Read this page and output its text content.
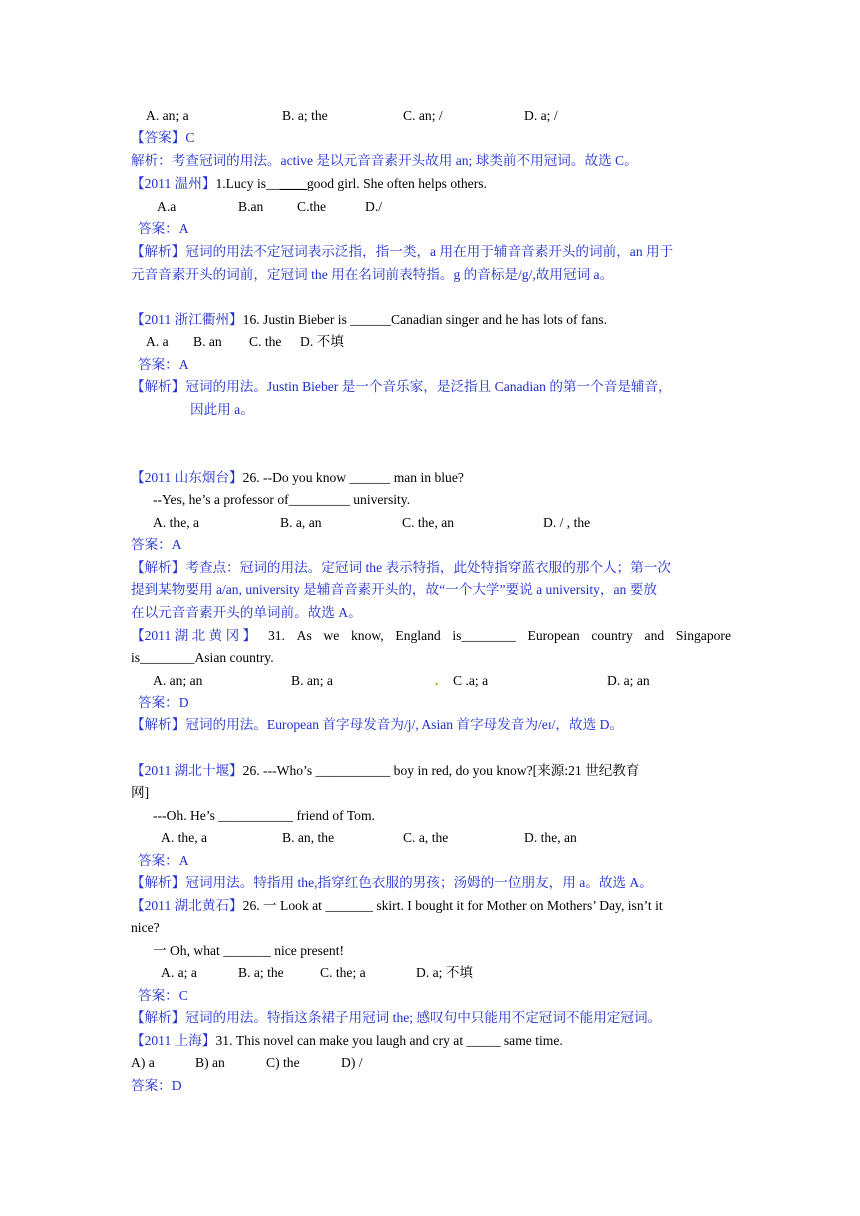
A. an; a	B. a; the	C. an; /	D. a; /
【答案】C
解析：考查冠词的用法。active 是以元音音素开头故用 an; 球类前不用冠词。故选 C。
【2011 温州】1.Lucy is______good girl. She often helps others.
A.a	B.an C.the	D./
答案：A
【解析】冠词的用法不定冠词表示泛指，指一类，a 用在用于辅音音素开头的词前，an 用于
元音音素开头的词前，定冠词 the 用在名词前表特指。g 的音标是/g/,故用冠词 a。
【2011 浙江衢州】16. Justin Bieber is ______Canadian singer and he has lots of fans.
A. a B. an C. the D. 不填
答案：A
【解析】冠词的用法。Justin Bieber 是一个音乐家，是泛指且 Canadian 的第一个音是辅音，
因此用 a。
【2011 山东烟台】26. --Do you know ______ man in blue?
--Yes, he’s a professor of_________ university.
A. the, a	B. a, an	C. the, an	D. / , the
答案：A
【解析】考查点：冠词的用法。定冠词 the 表示特指，此处特指穿蓝衣服的那个人；第一次
提到某物要用 a/an, university 是辅音音素开头的，故“一个大学”要说 a university，an 要放
在以元音音素开头的单词前。故选 A。
【2011 湖 北 黄 冈 】 31. As we know, England is________ European country and Singapore
is________Asian country.
A. an; an	B. an; a	. C .a; a	D. a; an
答案：D
【解析】冠词的用法。European 首字母发音为/j/, Asian 首字母发音为/eɪ/，故选 D。
【2011 湖北十堰】26. ---Who’s ___________ boy in red, do you know?[来源:21 世纪教育
网]
---Oh. He’s ___________ friend of Tom.
A. the, a	B. an, the	C. a, the	D. the, an
答案：A
【解析】冠词用法。特指用 the,指穿红色衣服的男孩；汤姆的一位朋友，用 a。故选 A。
【2011 湖北黄石】26. 一 Look at _______ skirt. I bought it for Mother on Mothers’ Day, isn’t it
nice?
一 Oh, what _______ nice present!
A. a; a	B. a; the	C. the; a	D. a; 不填
答案：C
【解析】冠词的用法。特指这条裙子用冠词 the; 感叹句中只能用不定冠词不能用定冠词。
【2011 上海】31. This novel can make you laugh and cry at _____ same time.
A) a	B) an	C) the	D) /
答案：D
